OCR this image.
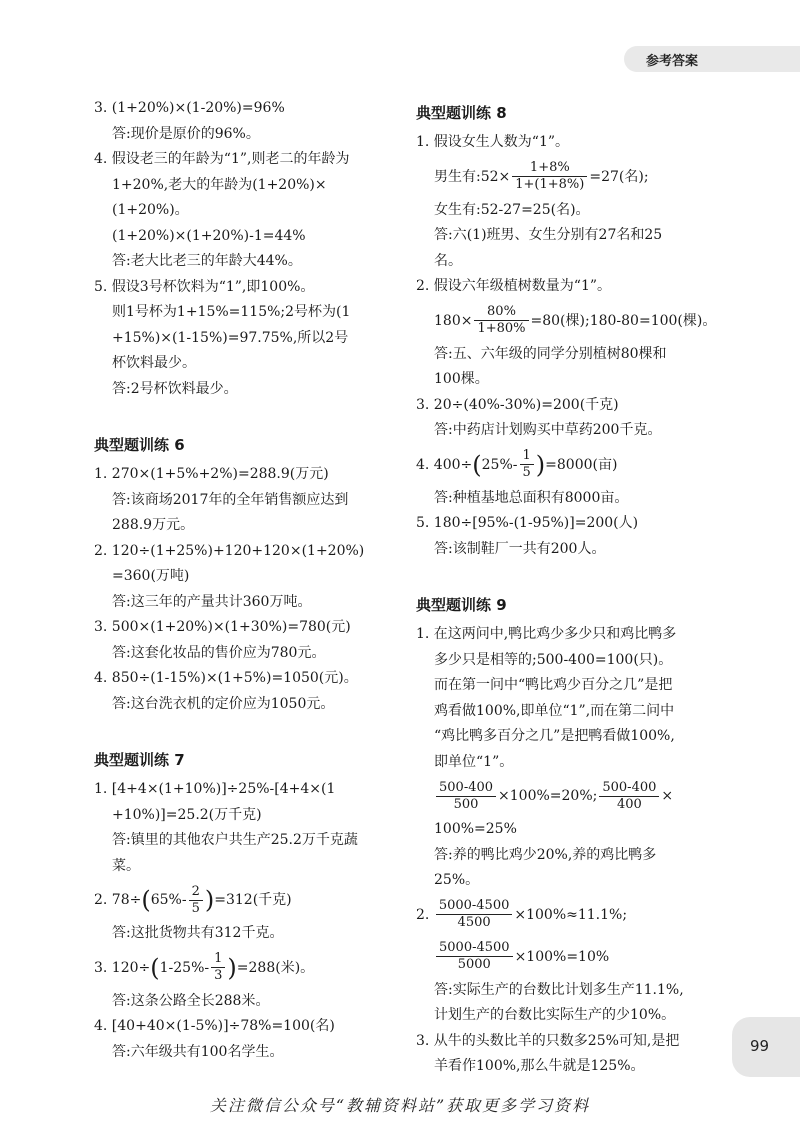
参考答案
3. (1+20%)×(1-20%)=96%
答:现价是原价的96%。
4. 假设老三的年龄为“1”,则老二的年龄为
1+20%,老大的年龄为(1+20%)×
(1+20%)。
(1+20%)×(1+20%)-1=44%
答:老大比老三的年龄大44%。
5. 假设3号杯饮料为“1”,即100%。
则1号杯为1+15%=115%;2号杯为(1
+15%)×(1-15%)=97.75%,所以2号
杯饮料最少。
答:2号杯饮料最少。
典型题训练 6
1. 270×(1+5%+2%)=288.9(万元)
答:该商场2017年的全年销售额应达到
288.9万元。
2. 120÷(1+25%)+120+120×(1+20%)
=360(万吨)
答:这三年的产量共计360万吨。
3. 500×(1+20%)×(1+30%)=780(元)
答:这套化妆品的售价应为780元。
4. 850÷(1-15%)×(1+5%)=1050(元)。
答:这台洗衣机的定价应为1050元。
典型题训练 7
1. [4+4×(1+10%)]÷25%-[4+4×(1
+10%)]=25.2(万千克)
答:镇里的其他农户共生产25.2万千克蔬
菜。
2. $78\div(65\%- \frac{2}{5} )=312$(千克)
答:这批货物共有312千克。
3. $120\div(1-25\%- \frac{1}{3} )=288$(米)。
答:这条公路全长288米。
4. [40+40×(1-5%)]÷78%=100(名)
答:六年级共有100名学生。
典型题训练 8
1. 假设女生人数为“1”。
男生有:52× $\frac{1+8\%}{1+(1+8\%)} =27$(名);
女生有:52-27=25(名)。
答:六(1)班男、女生分别有27名和25
名。
2. 假设六年级植树数量为“1”。
$180\times \frac{80\%}{1+80\%} =80$(棵);180-80=100(棵)。
答:五、六年级的同学分别植树80棵和
100棵。
3. 20÷(40%-30%)=200(千克)
答:中药店计划购买中草药200千克。
4. $400\div(25\%- \frac{1}{5} )=8000$(亩)
答:种植基地总面积有8000亩。
5. 180÷[95%-(1-95%)]=200(人)
答:该制鞋厂一共有200人。
典型题训练 9
1. 在这两问中,鸭比鸡少多少只和鸡比鸭多
多少只是相等的;500-400=100(只)。
而在第一问中“鸭比鸡少百分之几”是把
鸡看做100%,即单位“1”,而在第二问中
“鸡比鸭多百分之几”是把鸭看做100%,
即单位“1”。
$\frac{500-400}{500} \times 100\%=20\%$; $\frac{500-400}{400}$ ×
100%=25%
答:养的鸭比鸡少20%,养的鸡比鸭多
25%。
2. $\frac{5000-4500}{4500} \times 100\%\approx 11.1\%$;
$\frac{5000-4500}{5000} \times 100\%=10\%$
答:实际生产的台数比计划多生产11.1%,
计划生产的台数比实际生产的少10%。
3. 从牛的头数比羊的只数多25%可知,是把
羊看作100%,那么牛就是125%。
99
关注微信公众号“教辅资料站”获取更多学习资料
